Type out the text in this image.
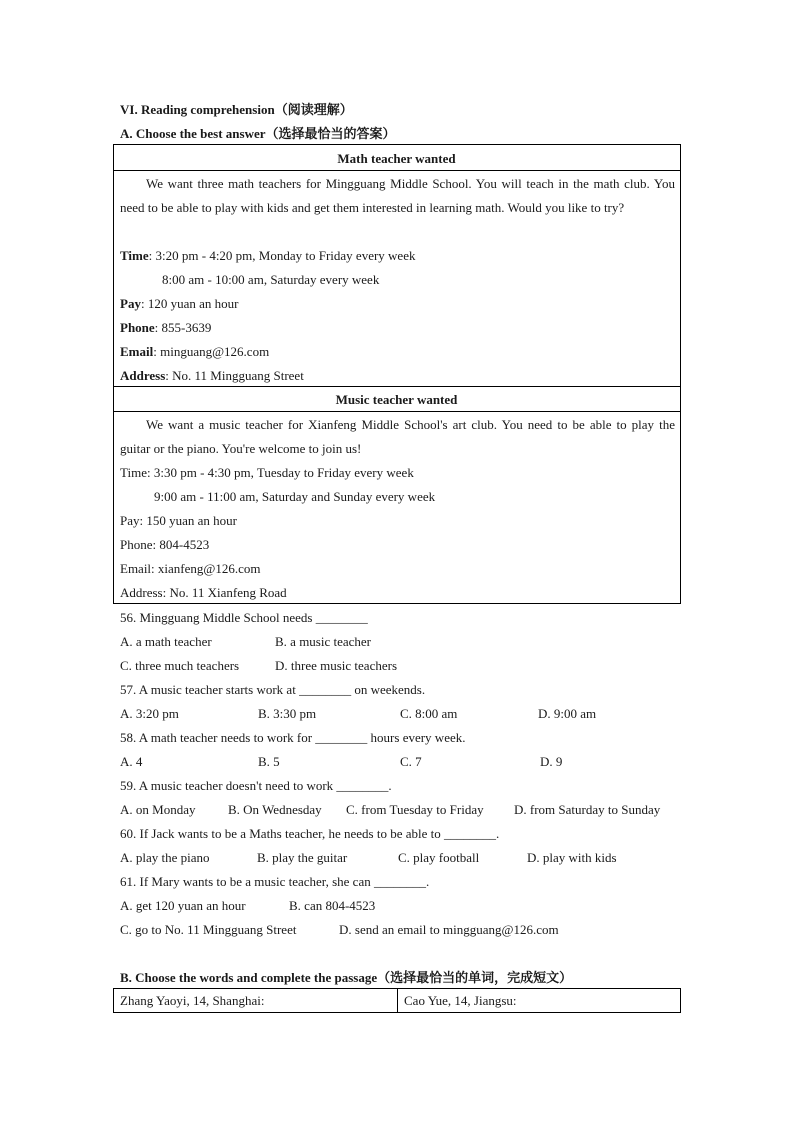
VI. Reading comprehension（阅读理解）
A. Choose the best answer（选择最恰当的答案）
Math teacher wanted
We want three math teachers for Mingguang Middle School. You will teach in the math club. You need to be able to play with kids and get them interested in learning math. Would you like to try?
Time: 3:20 pm - 4:20 pm, Monday to Friday every week
8:00 am - 10:00 am, Saturday every week
Pay: 120 yuan an hour
Phone: 855-3639
Email: minguang@126.com
Address: No. 11 Mingguang Street
Music teacher wanted
We want a music teacher for Xianfeng Middle School's art club. You need to be able to play the guitar or the piano. You're welcome to join us!
Time: 3:30 pm - 4:30 pm, Tuesday to Friday every week
9:00 am - 11:00 am, Saturday and Sunday every week
Pay: 150 yuan an hour
Phone: 804-4523
Email: xianfeng@126.com
Address: No. 11 Xianfeng Road
56. Mingguang Middle School needs ________
A. a math teacher	B. a music teacher
C. three much teachers	D. three music teachers
57. A music teacher starts work at ________ on weekends.
A. 3:20 pm	B. 3:30 pm	C. 8:00 am	D. 9:00 am
58. A math teacher needs to work for ________ hours every week.
A. 4	B. 5	C. 7	D. 9
59. A music teacher doesn't need to work ________.
A. on Monday	B. On Wednesday C. from Tuesday to Friday D. from Saturday to Sunday
60. If Jack wants to be a Maths teacher, he needs to be able to ________.
A. play the piano	B. play the guitar	C. play football	D. play with kids
61. If Mary wants to be a music teacher, she can ________.
A. get 120 yuan an hour	B. can 804-4523
C. go to No. 11 Mingguang Street	D. send an email to mingguang@126.com
B. Choose the words and complete the passage（选择最恰当的单词，完成短文）
Zhang Yaoyi, 14, Shanghai:	Cao Yue, 14, Jiangsu:
